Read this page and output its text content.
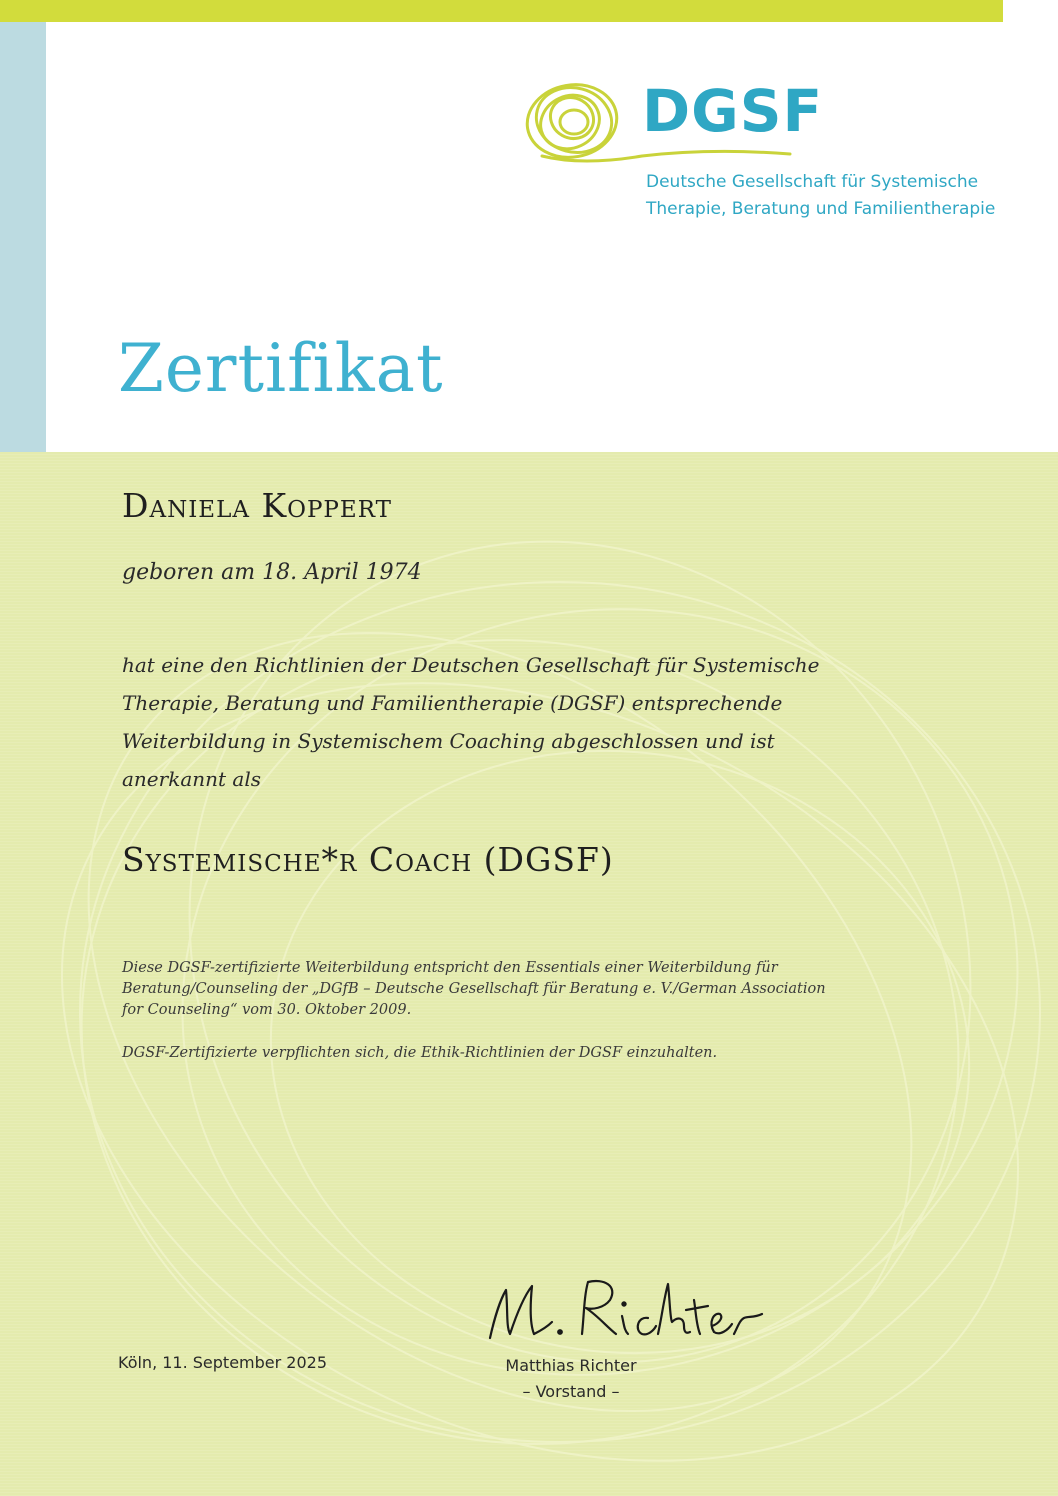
DGSF
Deutsche Gesellschaft für Systemische
Therapie, Beratung und Familientherapie
Zertifikat
Daniela Koppert
geboren am 18. April 1974
hat eine den Richtlinien der Deutschen Gesellschaft für Systemische
Therapie, Beratung und Familientherapie (DGSF) entsprechende
Weiterbildung in Systemischem Coaching abgeschlossen und ist
anerkannt als
Systemische*r Coach (DGSF)
Diese DGSF-zertifizierte Weiterbildung entspricht den Essentials einer Weiterbildung für
Beratung/Counseling der „DGfB – Deutsche Gesellschaft für Beratung e. V./German Association
for Counseling“ vom 30. Oktober 2009.
DGSF-Zertifizierte verpflichten sich, die Ethik-Richtlinien der DGSF einzuhalten.
Köln, 11. September 2025	Matthias Richter
– Vorstand –
